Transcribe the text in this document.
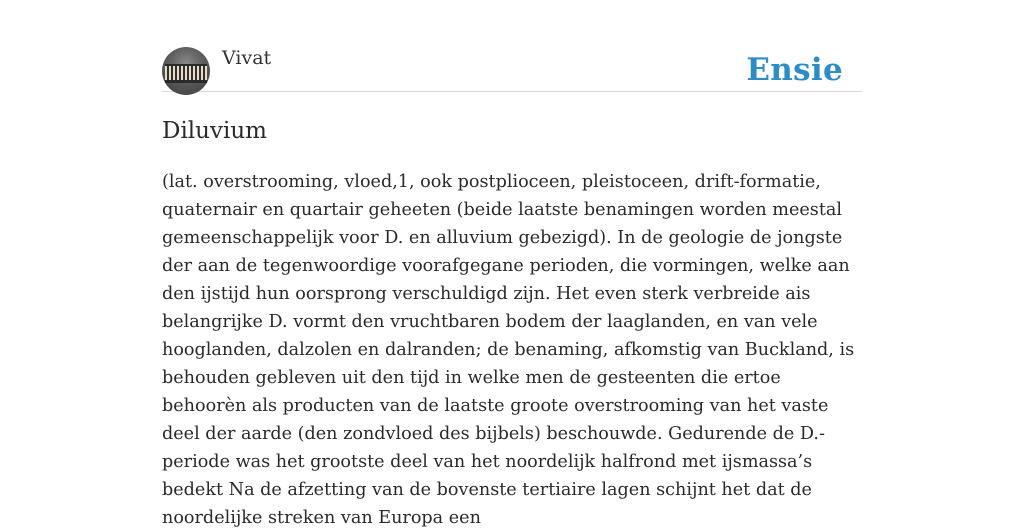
Vivat	Ensie
Diluvium
(lat. overstrooming, vloed,1, ook postplioceen, pleistoceen, drift-formatie, quaternair en quartair geheeten (beide laatste benamingen worden meestal gemeenschappelijk voor D. en alluvium gebezigd). In de geologie de jongste der aan de tegenwoordige voorafgegane perioden, die vormingen, welke aan den ijstijd hun oorsprong verschuldigd zijn. Het even sterk verbreide ais belangrijke D. vormt den vruchtbaren bodem der laaglanden, en van vele hooglanden, dalzolen en dalranden; de benaming, afkomstig van Buckland, is behouden gebleven uit den tijd in welke men de gesteenten die ertoe behoorèn als producten van de laatste groote overstrooming van het vaste deel der aarde (den zondvloed des bijbels) beschouwde. Gedurende de D.-periode was het grootste deel van het noordelijk halfrond met ijsmassa’s bedekt Na de afzetting van de bovenste tertiaire lagen schijnt het dat de noordelijke streken van Europa een
